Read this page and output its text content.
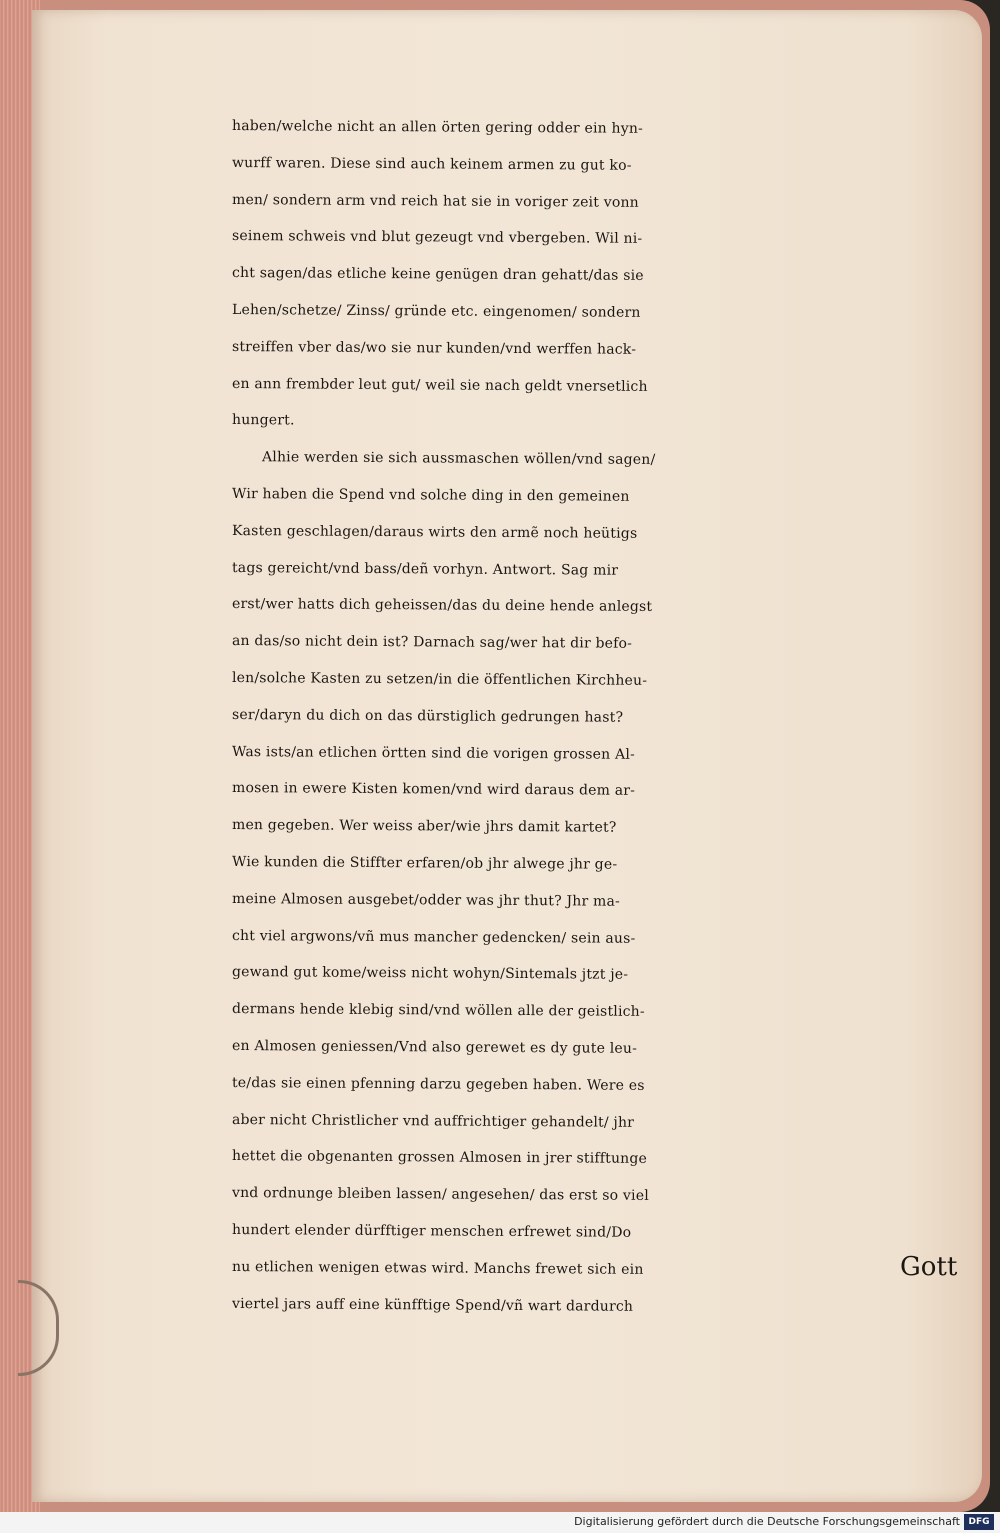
haben/welche nicht an allen örten gering odder ein hyn-
wurff waren. Diese sind auch keinem armen zu gut ko-
men/ sondern arm vnd reich hat sie in voriger zeit vonn
seinem schweis vnd blut gezeugt vnd vbergeben. Wil ni-
cht sagen/das etliche keine genügen dran gehatt/das sie
Lehen/schetze/ Zinss/ gründe etc. eingenomen/ sondern
streiffen vber das/wo sie nur kunden/vnd werffen hack-
en ann frembder leut gut/ weil sie nach geldt vnersetlich
hungert.
Alhie werden sie sich aussmaschen wöllen/vnd sagen/
Wir haben die Spend vnd solche ding in den gemeinen
Kasten geschlagen/daraus wirts den armẽ noch heütigs
tags gereicht/vnd bass/deñ vorhyn. Antwort. Sag mir
erst/wer hatts dich geheissen/das du deine hende anlegst
an das/so nicht dein ist? Darnach sag/wer hat dir befo-
len/solche Kasten zu setzen/in die öffentlichen Kirchheu-
ser/daryn du dich on das dürstiglich gedrungen hast?
Was ists/an etlichen örtten sind die vorigen grossen Al-
mosen in ewere Kisten komen/vnd wird daraus dem ar-
men gegeben. Wer weiss aber/wie jhrs damit kartet?
Wie kunden die Stiffter erfaren/ob jhr alwege jhr ge-
meine Almosen ausgebet/odder was jhr thut? Jhr ma-
cht viel argwons/vñ mus mancher gedencken/ sein aus-
gewand gut kome/weiss nicht wohyn/Sintemals jtzt je-
dermans hende klebig sind/vnd wöllen alle der geistlich-
en Almosen geniessen/Vnd also gerewet es dy gute leu-
te/das sie einen pfenning darzu gegeben haben. Were es
aber nicht Christlicher vnd auffrichtiger gehandelt/ jhr
hettet die obgenanten grossen Almosen in jrer stifftunge
vnd ordnunge bleiben lassen/ angesehen/ das erst so viel
hundert elender dürfftiger menschen erfrewet sind/Do
nu etlichen wenigen etwas wird. Manchs frewet sich ein
viertel jars auff eine künfftige Spend/vñ wart dardurch
Gott
Digitalisierung gefördert durch die Deutsche Forschungsgemeinschaft DFG
